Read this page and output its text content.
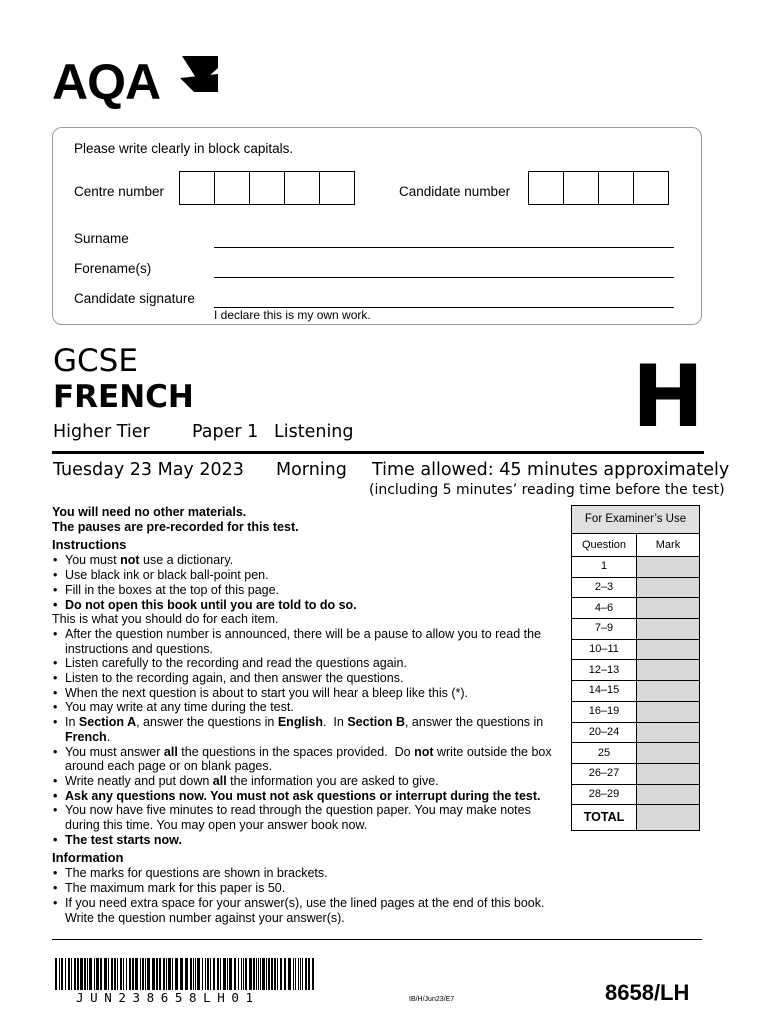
AQA
Please write clearly in block capitals.
Centre number	Candidate number
Surname
Forename(s)
Candidate signature
I declare this is my own work.
GCSE
FRENCH	H
Higher Tier Paper 1 Listening
Tuesday 23 May 2023 Morning Time allowed: 45 minutes approximately
(including 5 minutes’ reading time before the test)

You will need no other materials.

The pauses are pre-recorded for this test.

Instructions

• You must not use a dictionary.
• Use black ink or black ball-point pen.
• Fill in the boxes at the top of this page.
• Do not open this book until you are told to do so.

This is what you should do for each item.

• After the question number is announced, there will be a pause to allow you to read the instructions and questions.
• Listen carefully to the recording and read the questions again.
• Listen to the recording again, and then answer the questions.
• When the next question is about to start you will hear a bleep like this (*).
• You may write at any time during the test.
• In Section A, answer the questions in English.  In Section B, answer the questions in French.
• You must answer all the questions in the spaces provided.  Do not write outside the box around each page or on blank pages.
• Write neatly and put down all the information you are asked to give.
• Ask any questions now. You must not ask questions or interrupt during the test.
• You now have five minutes to read through the question paper. You may make notes during this time. You may open your answer book now.
• The test starts now.

Information

• The marks for questions are shown in brackets.
• The maximum mark for this paper is 50.
• If you need extra space for your answer(s), use the lined pages at the end of this book. Write the question number against your answer(s).
For Examiner’s Use	
Question	Mark
1	
2–3	
4–6	
7–9	
10–11	
12–13	
14–15	
16–19	
20–24	
25	
26–27	
28–29	
TOTAL	
JUN238658LH01	IB/H/Jun23/E7	8658/LH
